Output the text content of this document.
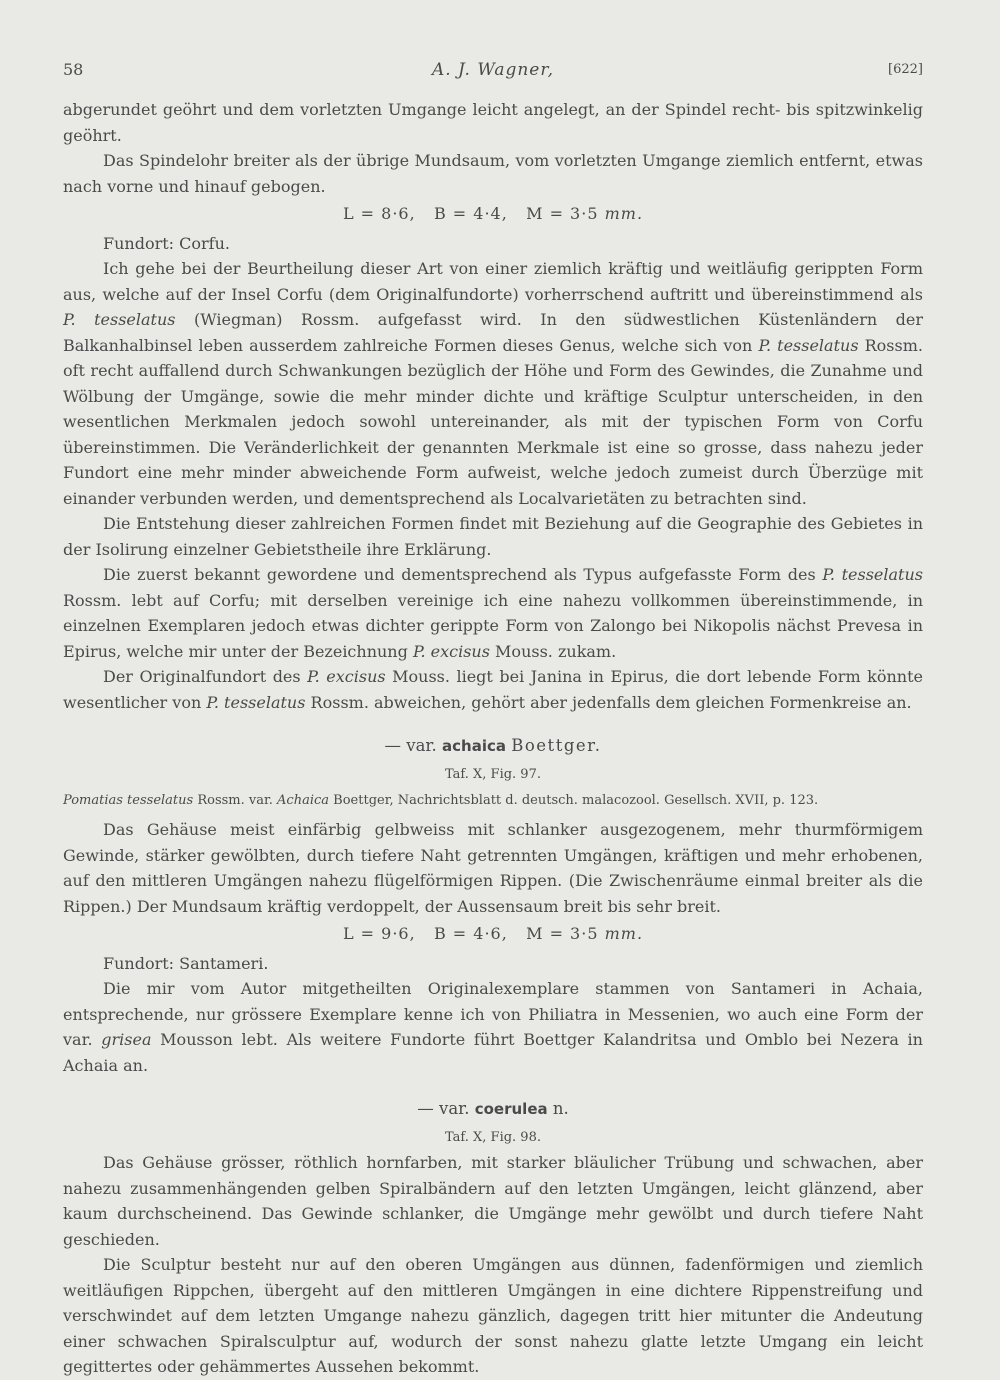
58	A. J. Wagner,	[622]

abgerundet geöhrt und dem vorletzten Umgange leicht angelegt, an der Spindel recht- bis spitzwinkelig geöhrt.

Das Spindelohr breiter als der übrige Mundsaum, vom vorletzten Umgange ziemlich entfernt, etwas nach vorne und hinauf gebogen.

L = 8·6, B = 4·4, M = 3·5 mm.

Fundort: Corfu.

Ich gehe bei der Beurtheilung dieser Art von einer ziemlich kräftig und weitläufig gerippten Form aus, welche auf der Insel Corfu (dem Originalfundorte) vorherrschend auftritt und übereinstimmend als P. tesselatus (Wiegman) Rossm. aufgefasst wird. In den südwestlichen Küstenländern der Balkanhalbinsel leben ausserdem zahlreiche Formen dieses Genus, welche sich von P. tesselatus Rossm. oft recht auffallend durch Schwankungen bezüglich der Höhe und Form des Gewindes, die Zunahme und Wölbung der Umgänge, sowie die mehr minder dichte und kräftige Sculptur unterscheiden, in den wesentlichen Merkmalen jedoch sowohl untereinander, als mit der typischen Form von Corfu übereinstimmen. Die Veränderlichkeit der genannten Merkmale ist eine so grosse, dass nahezu jeder Fundort eine mehr minder abweichende Form aufweist, welche jedoch zumeist durch Überzüge mit einander verbunden werden, und dementsprechend als Localvarietäten zu betrachten sind.

Die Entstehung dieser zahlreichen Formen findet mit Beziehung auf die Geographie des Gebietes in der Isolirung einzelner Gebietstheile ihre Erklärung.

Die zuerst bekannt gewordene und dementsprechend als Typus aufgefasste Form des P. tesselatus Rossm. lebt auf Corfu; mit derselben vereinige ich eine nahezu vollkommen übereinstimmende, in einzelnen Exemplaren jedoch etwas dichter gerippte Form von Zalongo bei Nikopolis nächst Prevesa in Epirus, welche mir unter der Bezeichnung P. excisus Mouss. zukam.

Der Originalfundort des P. excisus Mouss. liegt bei Janina in Epirus, die dort lebende Form könnte wesentlicher von P. tesselatus Rossm. abweichen, gehört aber jedenfalls dem gleichen Formenkreise an.

— var. achaica Boettger.

Taf. X, Fig. 97.

Pomatias tesselatus Rossm. var. Achaica Boettger, Nachrichtsblatt d. deutsch. malacozool. Gesellsch. XVII, p. 123.

Das Gehäuse meist einfärbig gelbweiss mit schlanker ausgezogenem, mehr thurmförmigem Gewinde, stärker gewölbten, durch tiefere Naht getrennten Umgängen, kräftigen und mehr erhobenen, auf den mittleren Umgängen nahezu flügelförmigen Rippen. (Die Zwischenräume einmal breiter als die Rippen.) Der Mundsaum kräftig verdoppelt, der Aussensaum breit bis sehr breit.

L = 9·6, B = 4·6, M = 3·5 mm.

Fundort: Santameri.

Die mir vom Autor mitgetheilten Originalexemplare stammen von Santameri in Achaia, entsprechende, nur grössere Exemplare kenne ich von Philiatra in Messenien, wo auch eine Form der var. grisea Mousson lebt. Als weitere Fundorte führt Boettger Kalandritsa und Omblo bei Nezera in Achaia an.

— var. coerulea n.

Taf. X, Fig. 98.

Das Gehäuse grösser, röthlich hornfarben, mit starker bläulicher Trübung und schwachen, aber nahezu zusammenhängenden gelben Spiralbändern auf den letzten Umgängen, leicht glänzend, aber kaum durchscheinend. Das Gewinde schlanker, die Umgänge mehr gewölbt und durch tiefere Naht geschieden.

Die Sculptur besteht nur auf den oberen Umgängen aus dünnen, fadenförmigen und ziemlich weitläufigen Rippchen, übergeht auf den mittleren Umgängen in eine dichtere Rippenstreifung und verschwindet auf dem letzten Umgange nahezu gänzlich, dagegen tritt hier mitunter die Andeutung einer schwachen Spiralsculptur auf, wodurch der sonst nahezu glatte letzte Umgang ein leicht gegittertes oder gehämmertes Aussehen bekommt.
